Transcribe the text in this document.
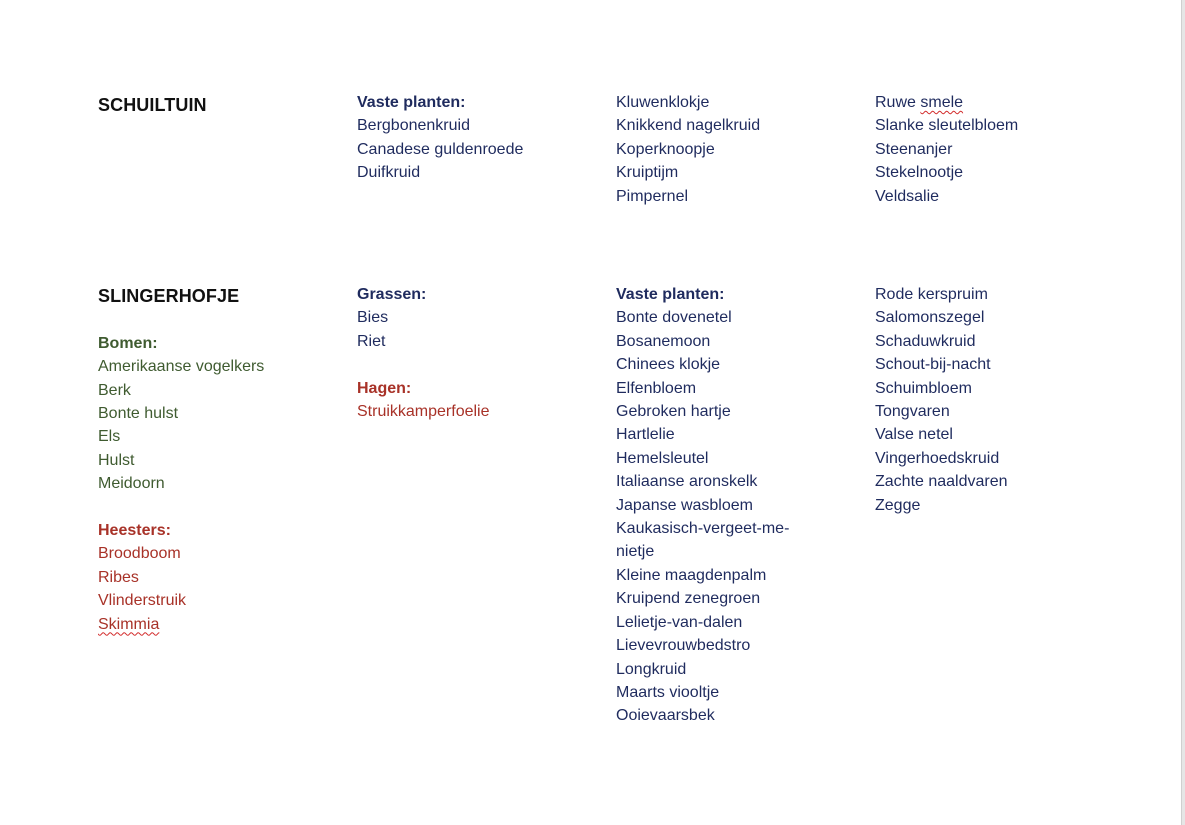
SCHUILTUIN	Vaste planten:

Bergbonenkruid
Canadese guldenroede
Duifkruid
Kluwenklokje
Knikkend nagelkruid
Koperknoopje
Kruiptijm
Pimpernel
Ruwe smele
Slanke sleutelbloem
Steenanjer
Stekelnootje
Veldsalie

SLINGERHOFJE

Bomen:

Amerikaanse vogelkers
Berk
Bonte hulst
Els
Hulst
Meidoorn

Heesters:

Broodboom
Ribes
Vlinderstruik
Skimmia

Grassen:

Bies
Riet

Hagen:

Struikkamperfoelie

Vaste planten:

Bonte dovenetel
Bosanemoon
Chinees klokje
Elfenbloem
Gebroken hartje
Hartlelie
Hemelsleutel
Italiaanse aronskelk
Japanse wasbloem
Kaukasisch-vergeet-me-nietje
Kleine maagdenpalm
Kruipend zenegroen
Lelietje-van-dalen
Lievevrouwbedstro
Longkruid
Maarts viooltje
Ooievaarsbek
Rode kerspruim
Salomonszegel
Schaduwkruid
Schout-bij-nacht
Schuimbloem
Tongvaren
Valse netel
Vingerhoedskruid
Zachte naaldvaren
Zegge
